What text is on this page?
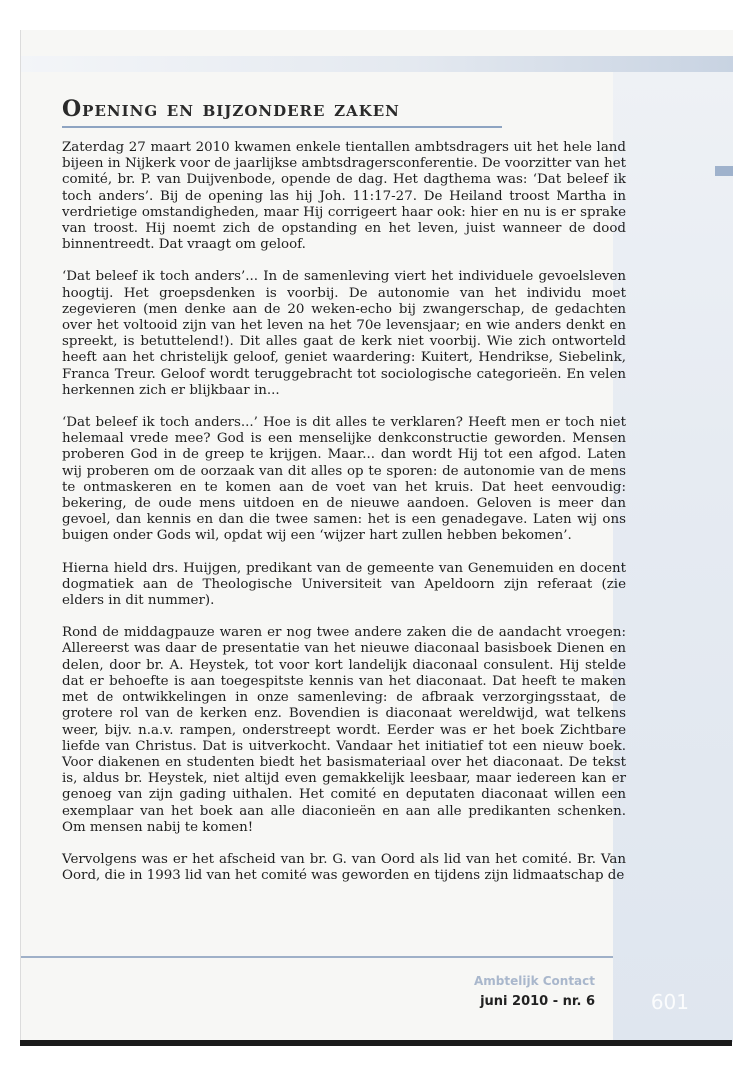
Opening en bijzondere zaken

Zaterdag 27 maart 2010 kwamen enkele tientallen ambtsdragers uit het hele land bijeen in Nijkerk voor de jaarlijkse ambtsdragersconferentie. De voorzitter van het comité, br. P. van Duijvenbode, opende de dag. Het dagthema was: ‘Dat beleef ik toch anders’. Bij de opening las hij Joh. 11:17-27. De Heiland troost Martha in verdrietige omstandigheden, maar Hij corrigeert haar ook: hier en nu is er sprake van troost. Hij noemt zich de opstanding en het leven, juist wanneer de dood binnentreedt. Dat vraagt om geloof.

‘Dat beleef ik toch anders’... In de samenleving viert het individuele gevoelsleven hoogtij. Het groepsdenken is voorbij. De autonomie van het individu moet zegevieren (men denke aan de 20 weken-echo bij zwangerschap, de gedachten over het voltooid zijn van het leven na het 70e levensjaar; en wie anders denkt en spreekt, is betuttelend!). Dit alles gaat de kerk niet voorbij. Wie zich ontworteld heeft aan het christelijk geloof, geniet waardering: Kuitert, Hendrikse, Siebelink, Franca Treur. Geloof wordt teruggebracht tot sociologische categorieën. En velen herkennen zich er blijkbaar in...

‘Dat beleef ik toch anders...’ Hoe is dit alles te verklaren? Heeft men er toch niet helemaal vrede mee? God is een menselijke denkconstructie geworden. Mensen proberen God in de greep te krijgen. Maar... dan wordt Hij tot een afgod. Laten wij proberen om de oorzaak van dit alles op te sporen: de autonomie van de mens te ontmaskeren en te komen aan de voet van het kruis. Dat heet eenvoudig: bekering, de oude mens uitdoen en de nieuwe aandoen. Geloven is meer dan gevoel, dan kennis en dan die twee samen: het is een genadegave. Laten wij ons buigen onder Gods wil, opdat wij een ‘wijzer hart zullen hebben bekomen’.

Hierna hield drs. Huijgen, predikant van de gemeente van Genemuiden en docent dogmatiek aan de Theologische Universiteit van Apeldoorn zijn referaat (zie elders in dit nummer).

Rond de middagpauze waren er nog twee andere zaken die de aandacht vroegen: Allereerst was daar de presentatie van het nieuwe diaconaal basisboek Dienen en delen, door br. A. Heystek, tot voor kort landelijk diaconaal consulent. Hij stelde dat er behoefte is aan toegespitste kennis van het diaconaat. Dat heeft te maken met de ontwikkelingen in onze samenleving: de afbraak verzorgingsstaat, de grotere rol van de kerken enz. Bovendien is diaconaat wereldwijd, wat telkens weer, bijv. n.a.v. rampen, onderstreept wordt. Eerder was er het boek Zichtbare liefde van Christus. Dat is uitverkocht. Vandaar het initiatief tot een nieuw boek. Voor diakenen en studenten biedt het basismateriaal over het diaconaat. De tekst is, aldus br. Heystek, niet altijd even gemakkelijk leesbaar, maar iedereen kan er genoeg van zijn gading uithalen. Het comité en deputaten diaconaat willen een exemplaar van het boek aan alle diaconieën en aan alle predikanten schenken. Om mensen nabij te komen!

Vervolgens was er het afscheid van br. G. van Oord als lid van het comité. Br. Van Oord, die in 1993 lid van het comité was geworden en tijdens zijn lidmaatschap de

Ambtelijk Contact
juni 2010 - nr. 6	601
